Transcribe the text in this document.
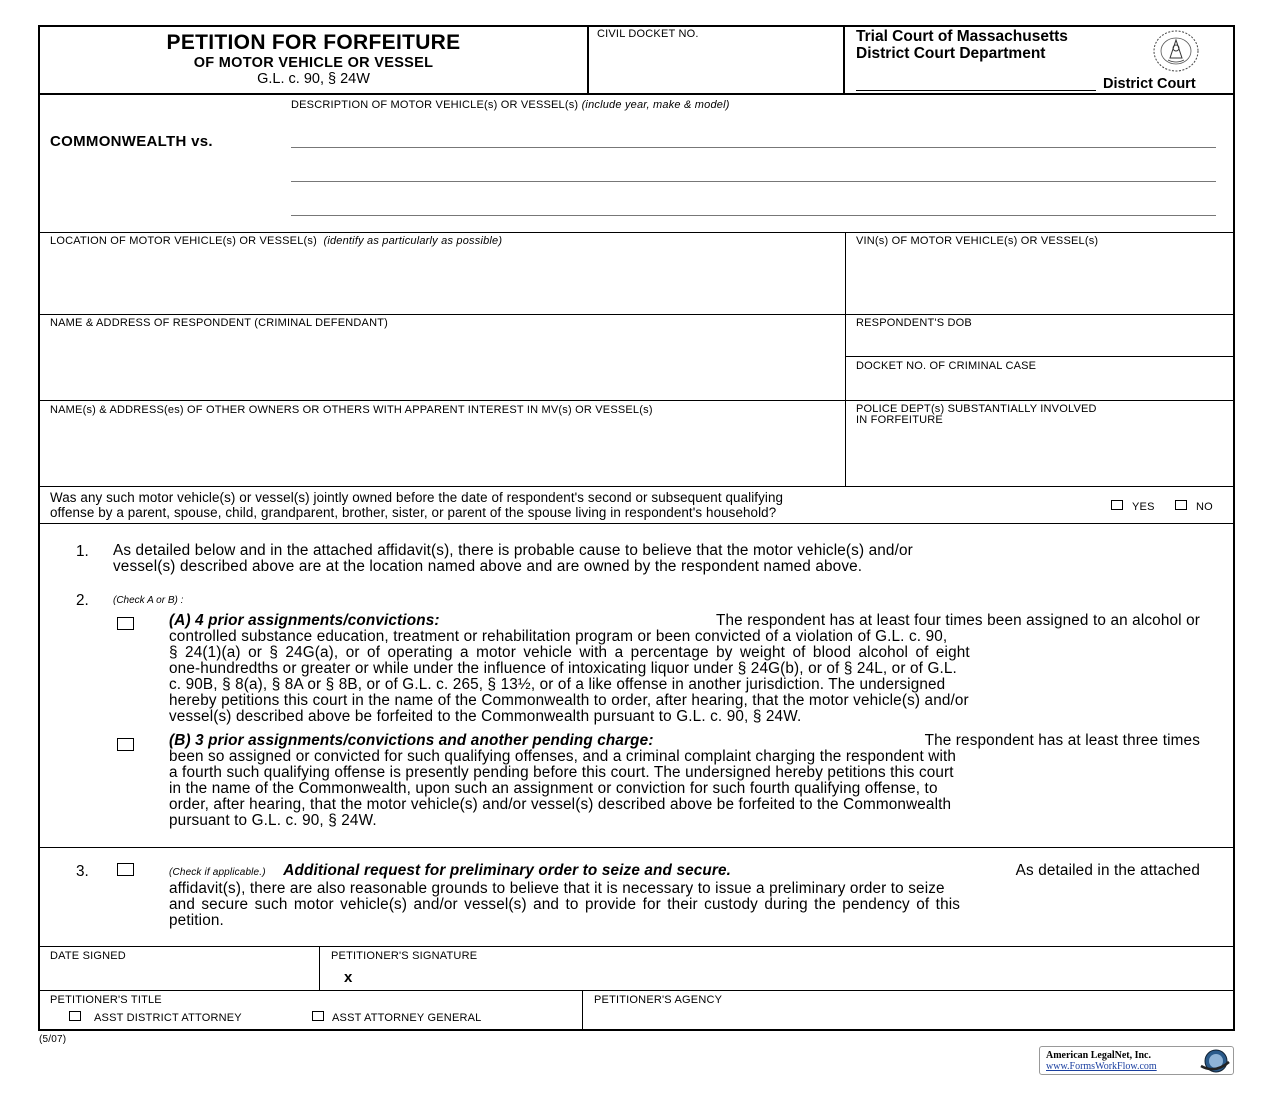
PETITION FOR FORFEITURE
OF MOTOR VEHICLE OR VESSEL
G.L. c. 90, § 24W
CIVIL DOCKET NO.	Trial Court of Massachusetts
District Court Department
District Court
DESCRIPTION OF MOTOR VEHICLE(s) OR VESSEL(s) (include year, make & model)
COMMONWEALTH vs.
LOCATION OF MOTOR VEHICLE(s) OR VESSEL(s) (identify as particularly as possible)	VIN(s) OF MOTOR VEHICLE(s) OR VESSEL(s)
NAME & ADDRESS OF RESPONDENT (CRIMINAL DEFENDANT)	RESPONDENT'S DOB
DOCKET NO. OF CRIMINAL CASE
NAME(s) & ADDRESS(es) OF OTHER OWNERS OR OTHERS WITH APPARENT INTEREST IN MV(s) OR VESSEL(s)	POLICE DEPT(s) SUBSTANTIALLY INVOLVED
IN FORFEITURE
Was any such motor vehicle(s) or vessel(s) jointly owned before the date of respondent's second or subsequent qualifying
offense by a parent, spouse, child, grandparent, brother, sister, or parent of the spouse living in respondent's household?	YES	NO
1. As detailed below and in the attached affidavit(s), there is probable cause to believe that the motor vehicle(s) and/or
vessel(s) described above are at the location named above and are owned by the respondent named above.
2. (Check A or B) :
(A) 4 prior assignments/convictions:	The respondent has at least four times been assigned to an alcohol or
controlled substance education, treatment or rehabilitation program or been convicted of a violation of G.L. c. 90,
§ 24(1)(a) or § 24G(a), or of operating a motor vehicle with a percentage by weight of blood alcohol of eight
one-hundredths or greater or while under the influence of intoxicating liquor under § 24G(b), or of § 24L, or of G.L.
c. 90B, § 8(a), § 8A or § 8B, or of G.L. c. 265, § 13½, or of a like offense in another jurisdiction. The undersigned
hereby petitions this court in the name of the Commonwealth to order, after hearing, that the motor vehicle(s) and/or
vessel(s) described above be forfeited to the Commonwealth pursuant to G.L. c. 90, § 24W.
(B) 3 prior assignments/convictions and another pending charge:	The respondent has at least three times
been so assigned or convicted for such qualifying offenses, and a criminal complaint charging the respondent with
a fourth such qualifying offense is presently pending before this court. The undersigned hereby petitions this court
in the name of the Commonwealth, upon such an assignment or conviction for such fourth qualifying offense, to
order, after hearing, that the motor vehicle(s) and/or vessel(s) described above be forfeited to the Commonwealth
pursuant to G.L. c. 90, § 24W.
3.	(Check if applicable.) Additional request for preliminary order to seize and secure.	As detailed in the attached
affidavit(s), there are also reasonable grounds to believe that it is necessary to issue a preliminary order to seize
and secure such motor vehicle(s) and/or vessel(s) and to provide for their custody during the pendency of this
petition.
DATE SIGNED	PETITIONER'S SIGNATURE
x
PETITIONER'S TITLE
ASST DISTRICT ATTORNEY	ASST ATTORNEY GENERAL
PETITIONER'S AGENCY
(5/07)
American LegalNet, Inc.
www.FormsWorkFlow.com
